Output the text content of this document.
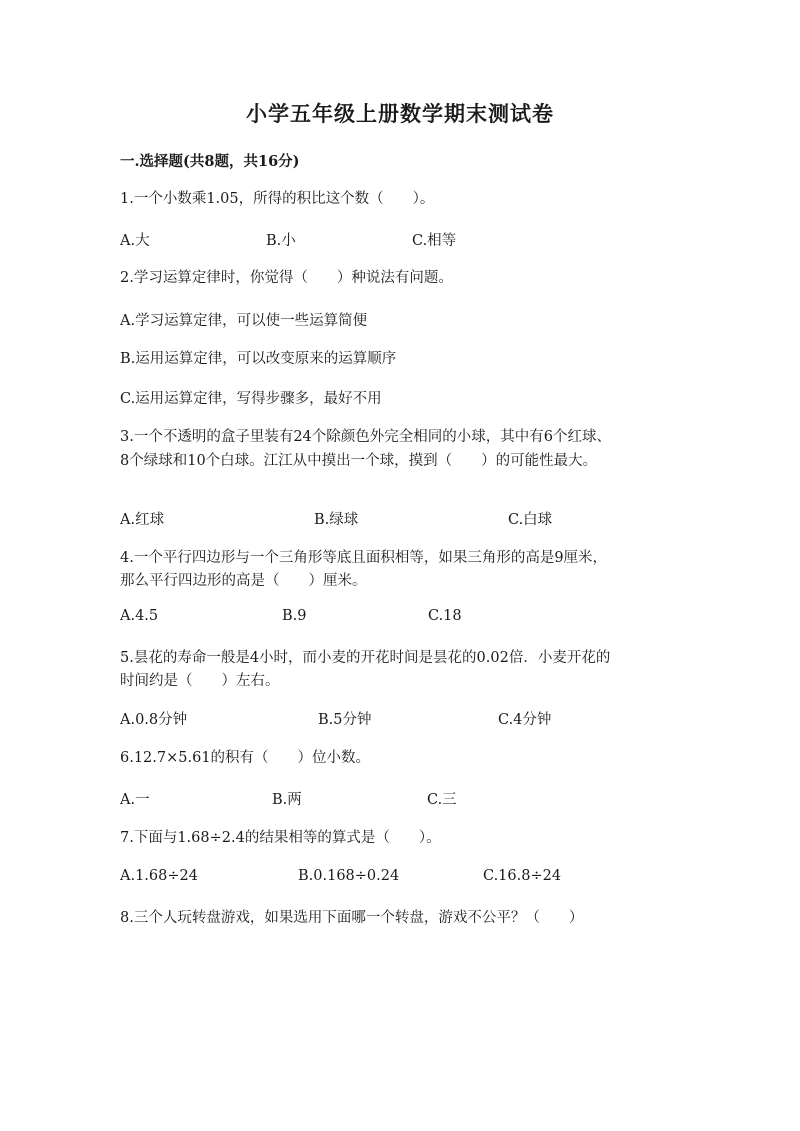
小学五年级上册数学期末测试卷
一.选择题(共8题，共16分)
1.一个小数乘1.05，所得的积比这个数（　　）。
A.大	B.小	C.相等
2.学习运算定律时，你觉得（　　）种说法有问题。
A.学习运算定律，可以使一些运算简便
B.运用运算定律，可以改变原来的运算顺序
C.运用运算定律，写得步骤多，最好不用
3.一个不透明的盒子里装有24个除颜色外完全相同的小球，其中有6个红球、
8个绿球和10个白球。江江从中摸出一个球，摸到（　　）的可能性最大。
A.红球	B.绿球	C.白球
4.一个平行四边形与一个三角形等底且面积相等，如果三角形的高是9厘米，
那么平行四边形的高是（　　）厘米。
A.4.5	B.9	C.18
5.昙花的寿命一般是4小时，而小麦的开花时间是昙花的0.02倍．小麦开花的
时间约是（　　）左右。
A.0.8分钟	B.5分钟	C.4分钟
6.12.7×5.61的积有（　　）位小数。
A.一	B.两	C.三
7.下面与1.68÷2.4的结果相等的算式是（　　）。
A.1.68÷24	B.0.168÷0.24	C.16.8÷24
8.三个人玩转盘游戏，如果选用下面哪一个转盘，游戏不公平？（　　）
